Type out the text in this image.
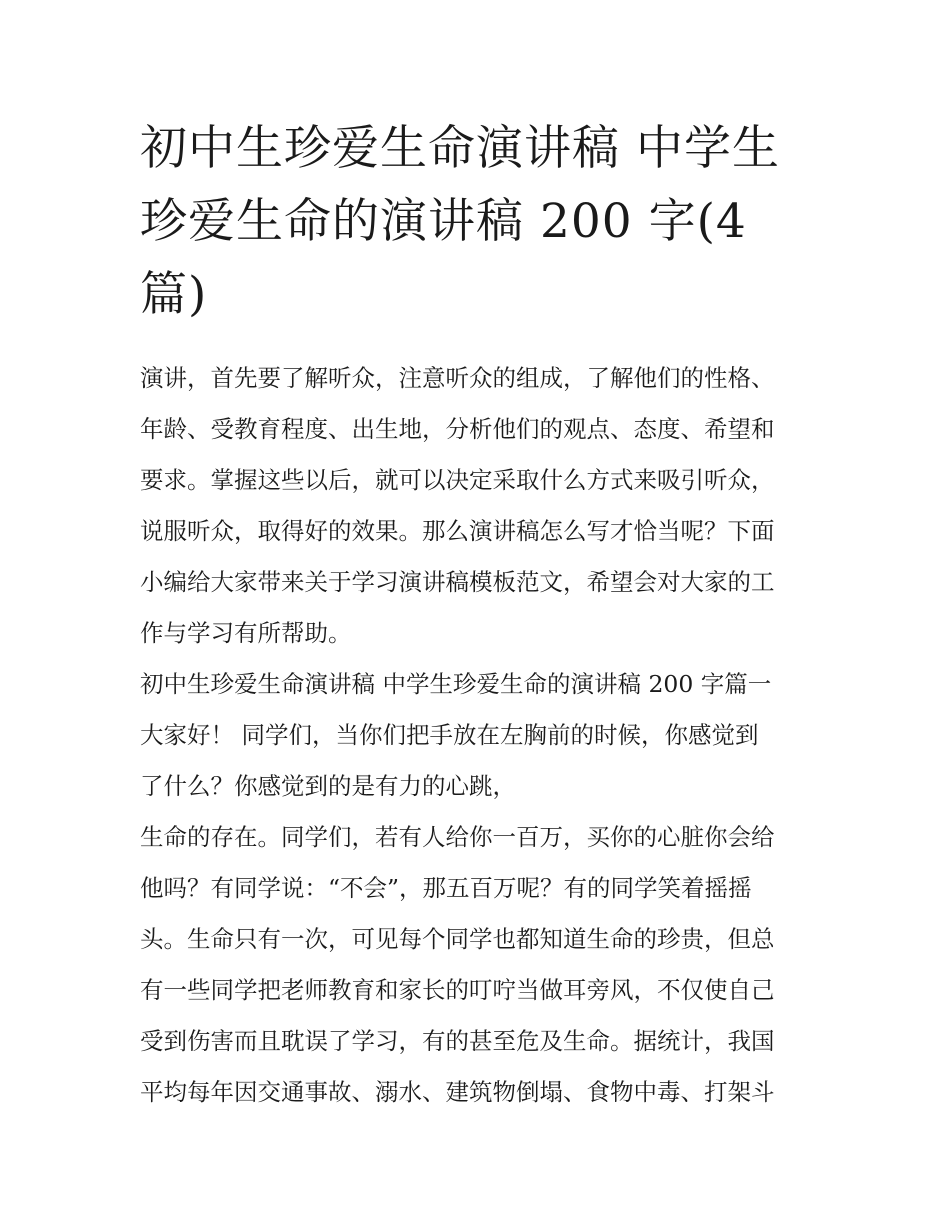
初中生珍爱生命演讲稿 中学生
珍爱生命的演讲稿 200 字(4
篇)
演讲，首先要了解听众，注意听众的组成，了解他们的性格、
年龄、受教育程度、出生地，分析他们的观点、态度、希望和
要求。掌握这些以后，就可以决定采取什么方式来吸引听众，
说服听众，取得好的效果。那么演讲稿怎么写才恰当呢？下面
小编给大家带来关于学习演讲稿模板范文，希望会对大家的工
作与学习有所帮助。
初中生珍爱生命演讲稿 中学生珍爱生命的演讲稿 200 字篇一
大家好！ 同学们，当你们把手放在左胸前的时候，你感觉到
了什么？你感觉到的是有力的心跳，
生命的存在。同学们，若有人给你一百万，买你的心脏你会给
他吗？有同学说：“不会”，那五百万呢？有的同学笑着摇摇
头。生命只有一次，可见每个同学也都知道生命的珍贵，但总
有一些同学把老师教育和家长的叮咛当做耳旁风，不仅使自己
受到伤害而且耽误了学习，有的甚至危及生命。据统计，我国
平均每年因交通事故、溺水、建筑物倒塌、食物中毒、打架斗
